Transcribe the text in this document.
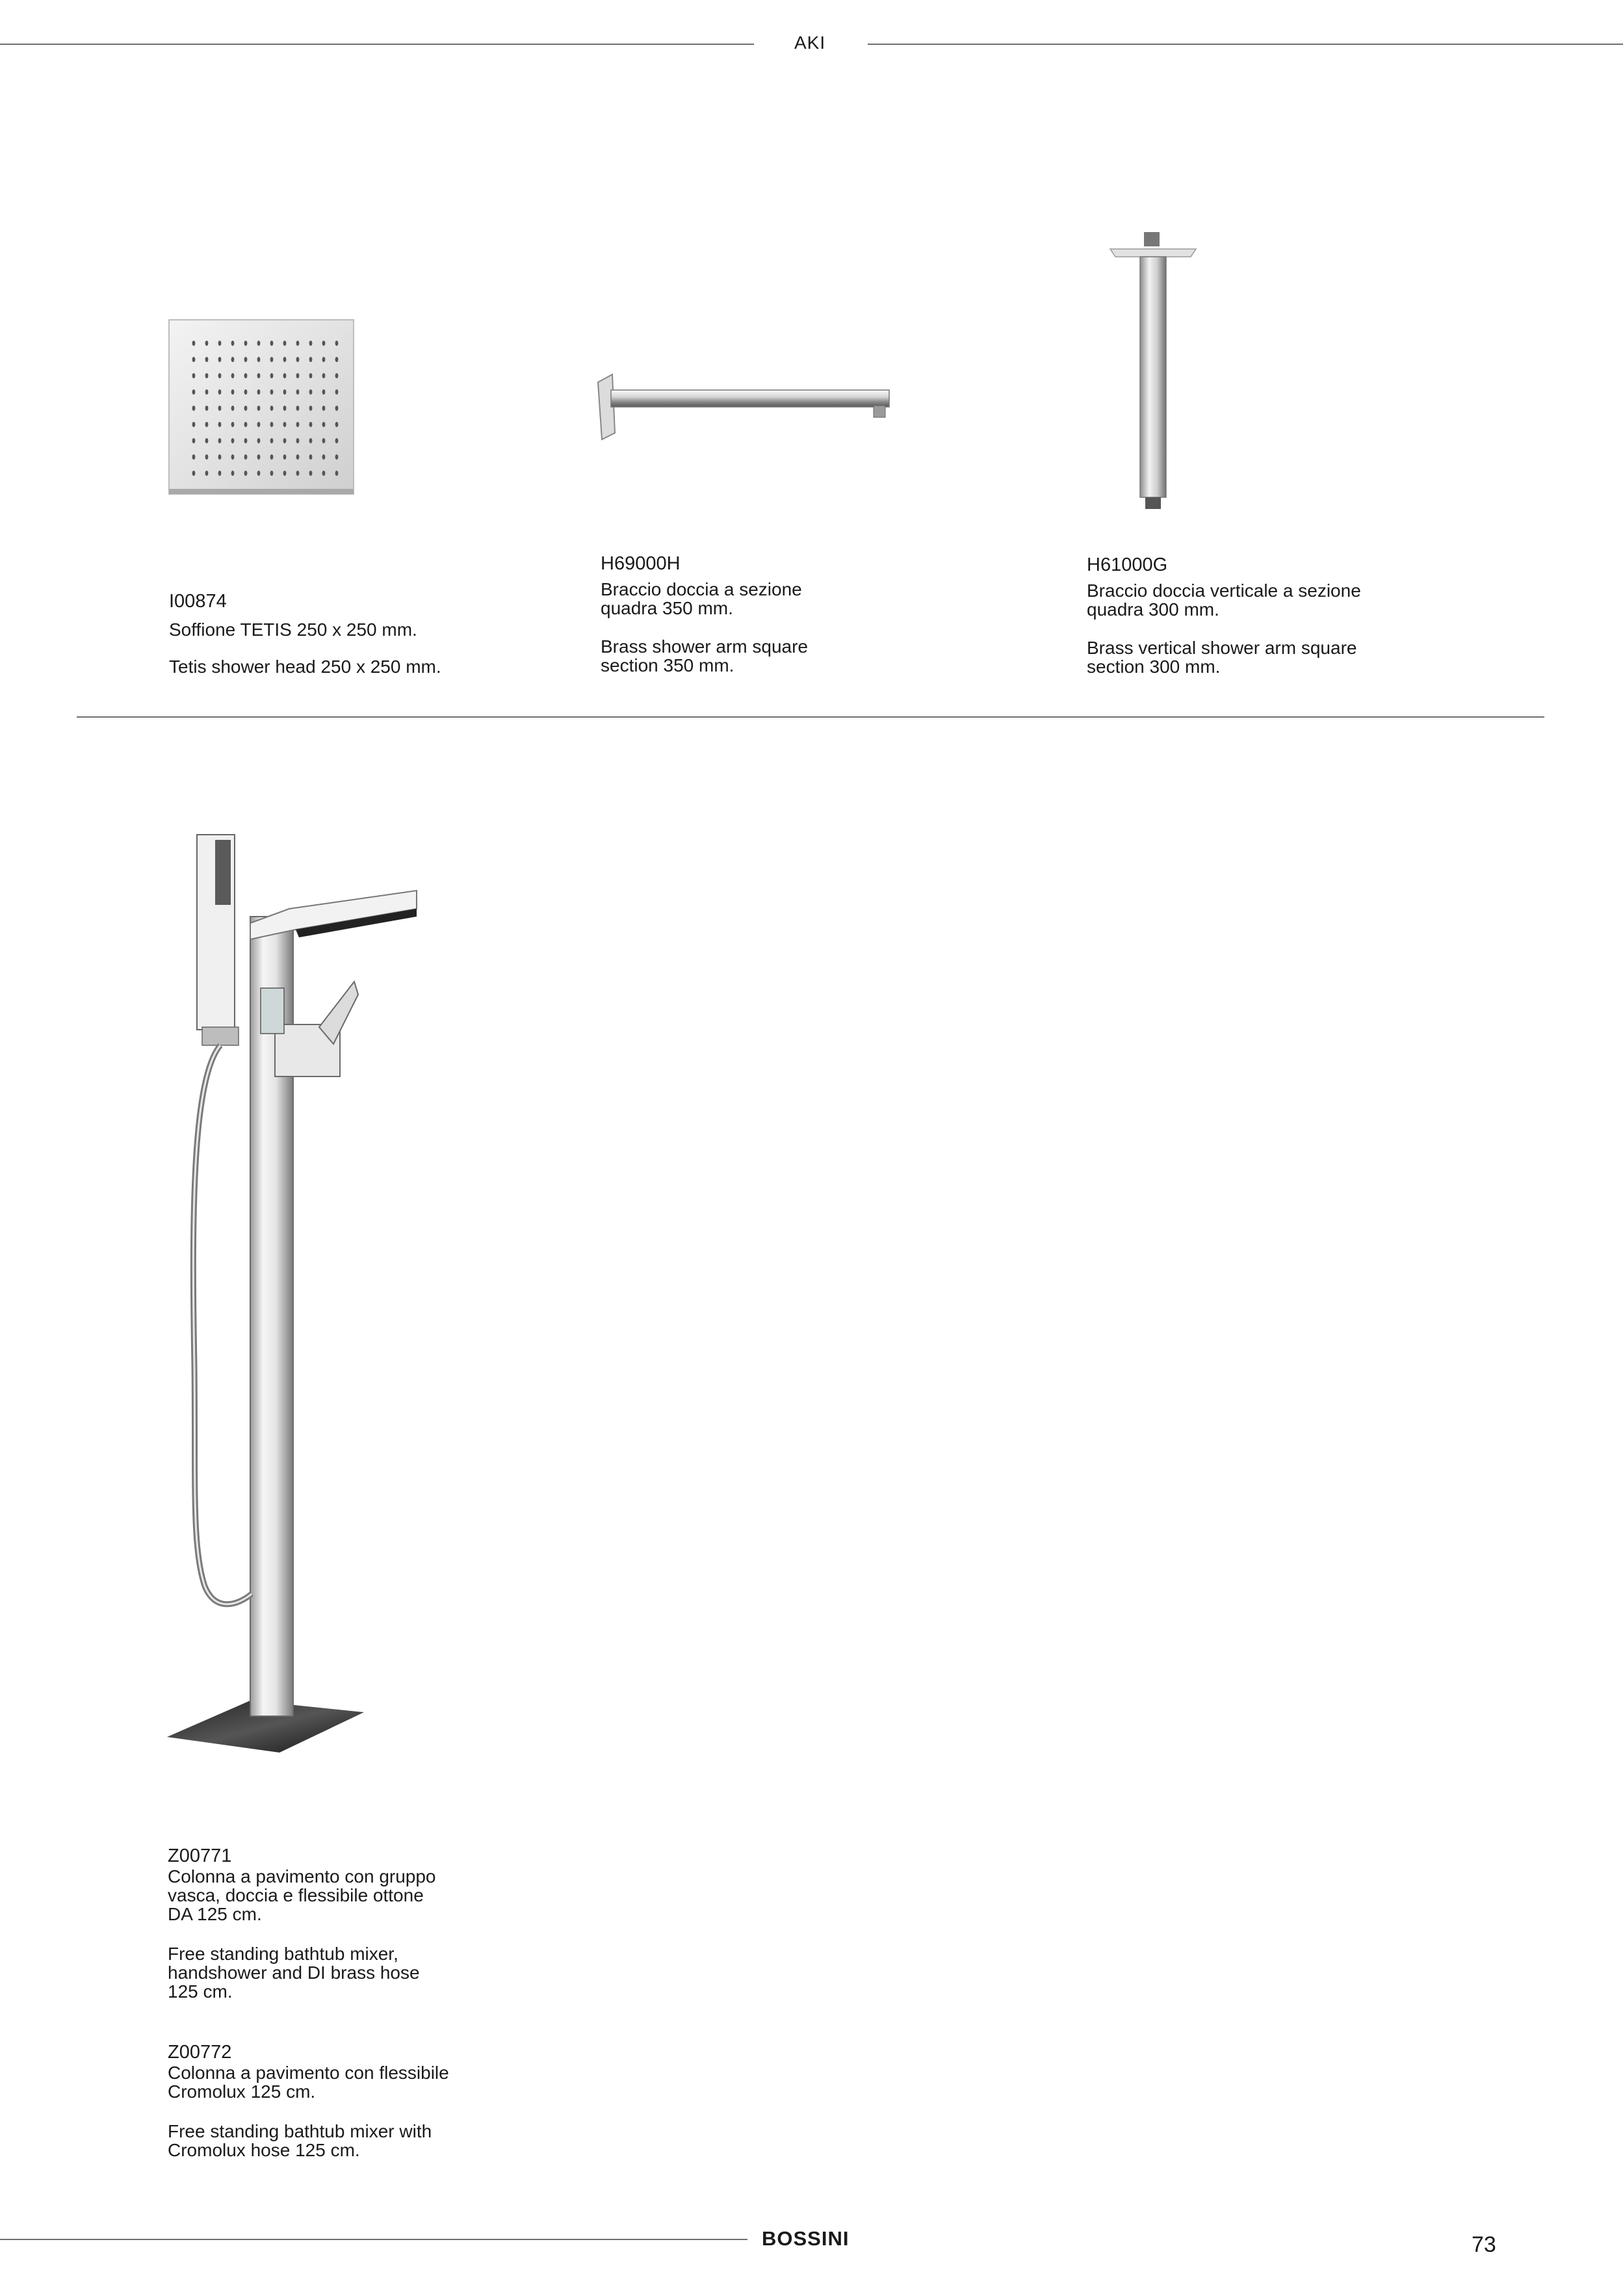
AKI
I00874

Soffione TETIS 250 x 250 mm.

Tetis shower head 250 x 250 mm.

H69000H

Braccio doccia a sezione

quadra 350 mm.

Brass shower arm square

section 350 mm.

H61000G

Braccio doccia verticale a sezione

quadra 300 mm.

Brass vertical shower arm square

section 300 mm.

Z00771

Colonna a pavimento con gruppo

vasca, doccia e flessibile ottone

DA 125 cm.

Free standing bathtub mixer,

handshower and DI brass hose

125 cm.

Z00772

Colonna a pavimento con flessibile

Cromolux 125 cm.

Free standing bathtub mixer with

Cromolux hose 125 cm.

BOSSINI	73
